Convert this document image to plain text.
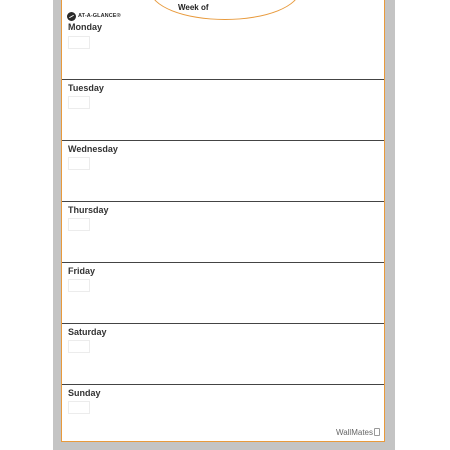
Week of
AT-A-GLANCE®
Monday
Tuesday
Wednesday
Thursday
Friday
Saturday
Sunday
WallMates
